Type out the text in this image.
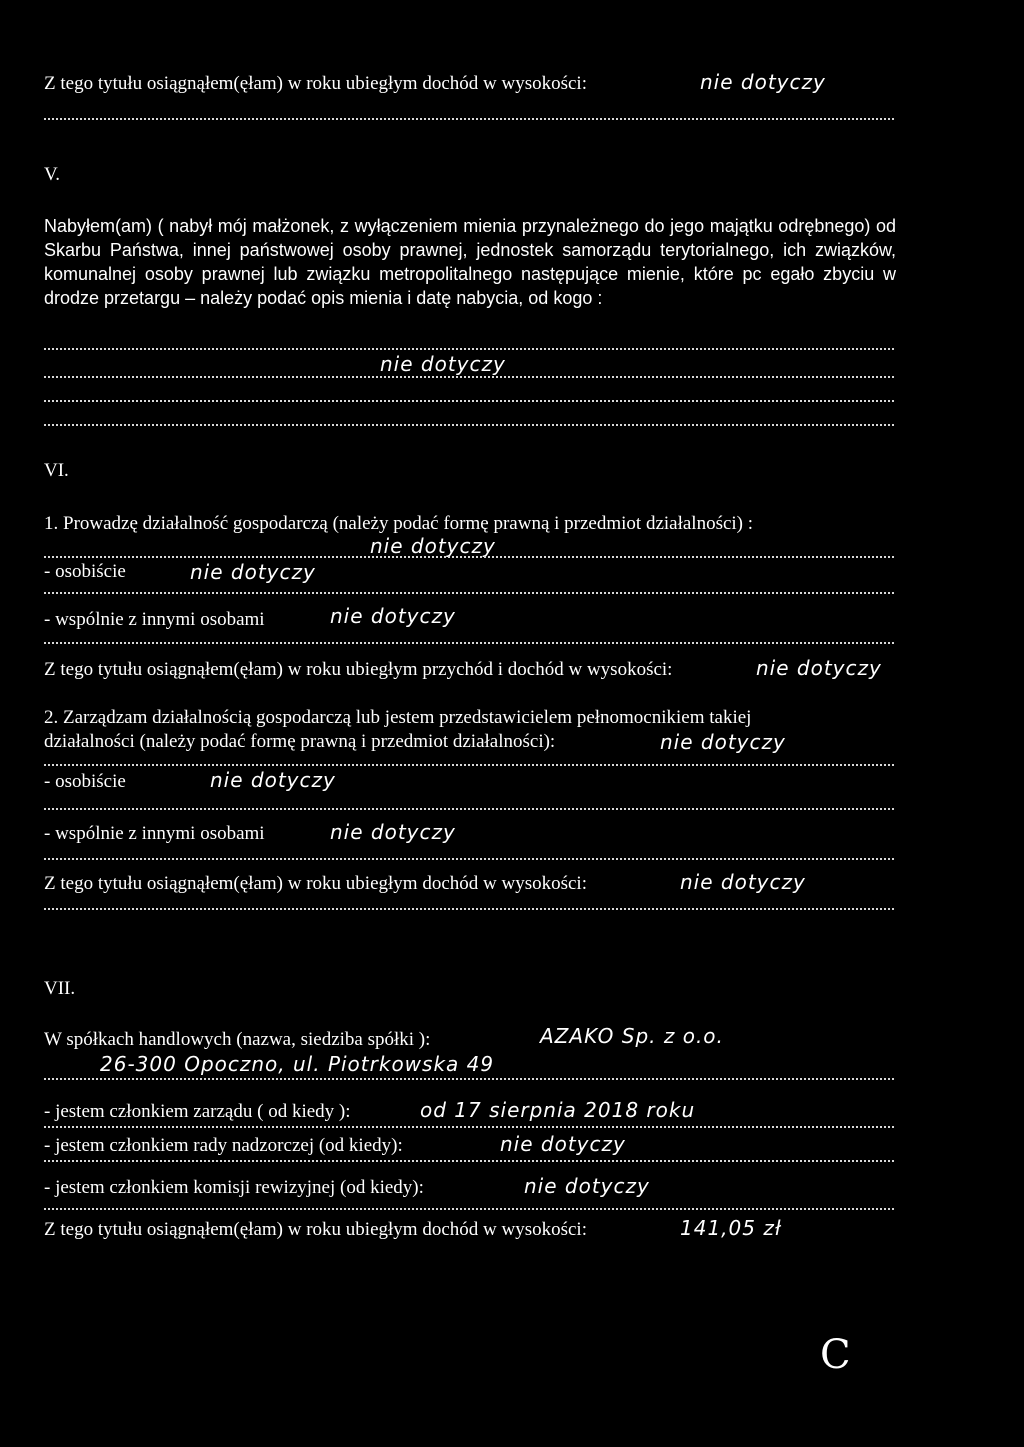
Z tego tytułu osiągnąłem(ęłam) w roku ubiegłym dochód w wysokości:	nie dotyczy
V.
Nabyłem(am) ( nabył mój małżonek, z wyłączeniem mienia przynależnego do jego majątku odrębnego) od Skarbu Państwa, innej państwowej osoby prawnej, jednostek samorządu terytorialnego, ich związków, komunalnej osoby prawnej lub związku metropolitalnego następujące mienie, które pc egało zbyciu w drodze przetargu – należy podać opis mienia i datę nabycia, od kogo :
nie dotyczy
VI.
1. Prowadzę działalność gospodarczą (należy podać formę prawną i przedmiot działalności) :
nie dotyczy
- osobiście	nie dotyczy
- wspólnie z innymi osobami	nie dotyczy
Z tego tytułu osiągnąłem(ęłam) w roku ubiegłym przychód i dochód w wysokości:	nie dotyczy
2. Zarządzam działalnością gospodarczą lub jestem przedstawicielem pełnomocnikiem takiej
działalności (należy podać formę prawną i przedmiot działalności):	nie dotyczy
- osobiście	nie dotyczy
- wspólnie z innymi osobami	nie dotyczy
Z tego tytułu osiągnąłem(ęłam) w roku ubiegłym dochód w wysokości:	nie dotyczy
VII.
W spółkach handlowych (nazwa, siedziba spółki ):	AZAKO Sp. z o.o.
26-300 Opoczno, ul. Piotrkowska 49
- jestem członkiem zarządu ( od kiedy ):	od 17 sierpnia 2018 roku
- jestem członkiem rady nadzorczej (od kiedy):	nie dotyczy
- jestem członkiem komisji rewizyjnej (od kiedy):	nie dotyczy
Z tego tytułu osiągnąłem(ęłam) w roku ubiegłym dochód w wysokości:	141,05 zł
C
